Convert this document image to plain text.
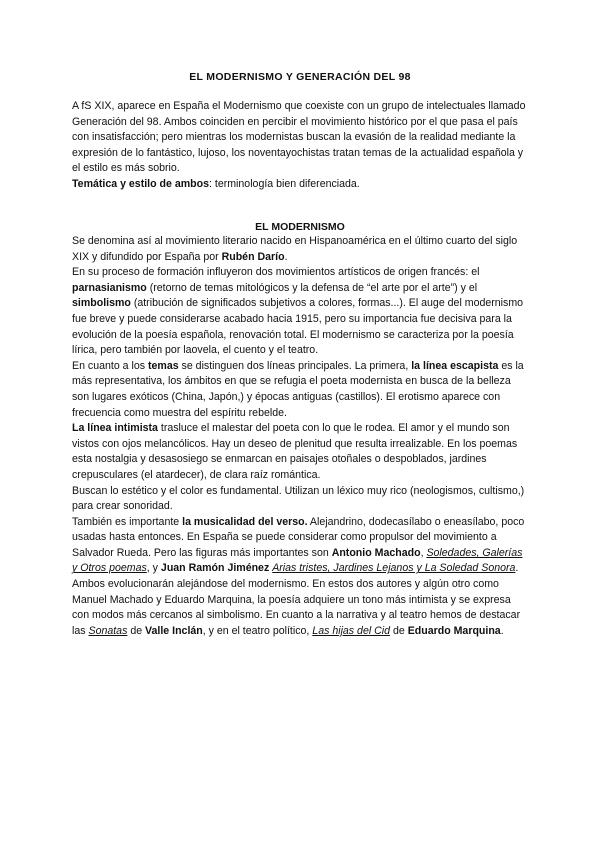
EL MODERNISMO Y GENERACIÓN DEL 98

A fS XIX, aparece en España el Modernismo que coexiste con un grupo de intelectuales llamado Generación del 98. Ambos coinciden en percibir el movimiento histórico por el que pasa el país con insatisfacción; pero mientras los modernistas buscan la evasión de la realidad mediante la expresión de lo fantástico, lujoso, los noventayochistas tratan temas de la actualidad española y el estilo es más sobrio.

Temática y estilo de ambos: terminología bien diferenciada.

EL MODERNISMO

Se denomina así al movimiento literario nacido en Hispanoamérica en el último cuarto del siglo XIX y difundido por España por Rubén Darío.

En su proceso de formación influyeron dos movimientos artísticos de origen francés: el parnasianismo (retorno de temas mitológicos y la defensa de “el arte por el arte”) y el simbolismo (atribución de significados subjetivos a colores, formas...). El auge del modernismo fue breve y puede considerarse acabado hacia 1915, pero su importancia fue decisiva para la evolución de la poesía española, renovación total. El modernismo se caracteriza por la poesía lírica, pero también por laovela, el cuento y el teatro.

En cuanto a los temas se distinguen dos líneas principales. La primera, la línea escapista es la más representativa, los ámbitos en que se refugia el poeta modernista en busca de la belleza son lugares exóticos (China, Japón,) y épocas antiguas (castillos). El erotismo aparece con frecuencia como muestra del espíritu rebelde.

La línea intimista trasluce el malestar del poeta con lo que le rodea. El amor y el mundo son vistos con ojos melancólicos. Hay un deseo de plenitud que resulta irrealizable. En los poemas esta nostalgia y desasosiego se enmarcan en paisajes otoñales o despoblados, jardines crepusculares (el atardecer), de clara raíz romántica.

Buscan lo estético y el color es fundamental. Utilizan un léxico muy rico (neologismos, cultismo,) para crear sonoridad.

También es importante la musicalidad del verso. Alejandrino, dodecasílabo o eneasílabo, poco usadas hasta entonces. En España se puede considerar como propulsor del movimiento a Salvador Rueda. Pero las figuras más importantes son Antonio Machado, Soledades, Galerías y Otros poemas, y Juan Ramón Jiménez Arias tristes, Jardines Lejanos y La Soledad Sonora. Ambos evolucionarán alejándose del modernismo. En estos dos autores y algún otro como Manuel Machado y Eduardo Marquina, la poesía adquiere un tono más intimista y se expresa con modos más cercanos al simbolismo. En cuanto a la narrativa y al teatro hemos de destacar las Sonatas de Valle Inclán, y en el teatro político, Las hijas del Cid de Eduardo Marquina.
